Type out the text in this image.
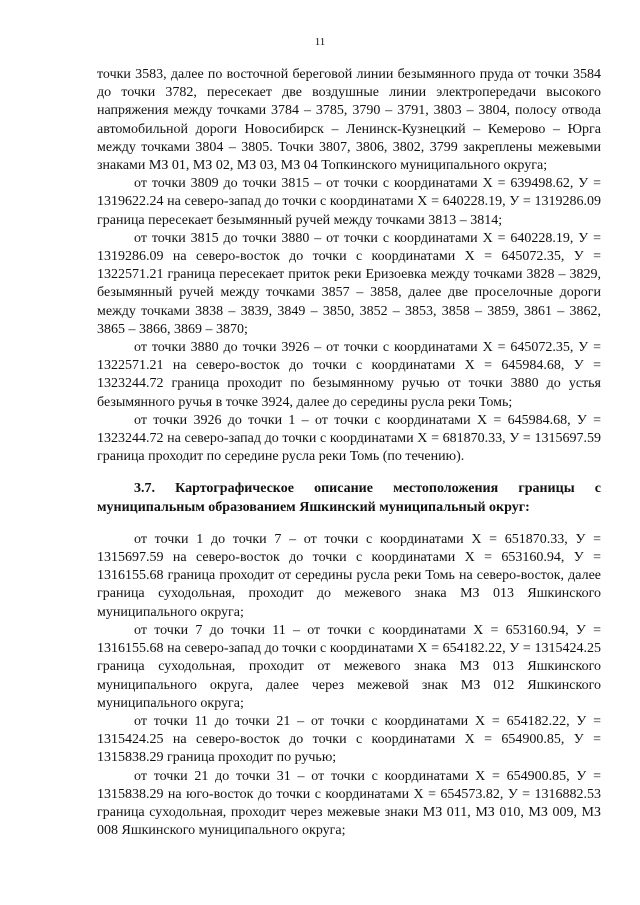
11

точки 3583, далее по восточной береговой линии безымянного пруда от точки 3584 до точки 3782, пересекает две воздушные линии электропередачи высокого напряжения между точками 3784 – 3785, 3790 – 3791, 3803 – 3804, полосу отвода автомобильной дороги Новосибирск – Ленинск-Кузнецкий – Кемерово – Юрга между точками 3804 – 3805. Точки 3807, 3806, 3802, 3799 закреплены межевыми знаками МЗ 01, МЗ 02, МЗ 03, МЗ 04 Топкинского муниципального округа;

от точки 3809 до точки 3815 – от точки с координатами Х = 639498.62, У = 1319622.24 на северо-запад до точки с координатами Х = 640228.19, У = 1319286.09 граница пересекает безымянный ручей между точками 3813 – 3814;

от точки 3815 до точки 3880 – от точки с координатами Х = 640228.19, У = 1319286.09 на северо-восток до точки с координатами Х = 645072.35, У = 1322571.21 граница пересекает приток реки Еризоевка между точками 3828 – 3829, безымянный ручей между точками 3857 – 3858, далее две проселочные дороги между точками 3838 – 3839, 3849 – 3850, 3852 – 3853, 3858 – 3859, 3861 – 3862, 3865 – 3866, 3869 – 3870;

от точки 3880 до точки 3926 – от точки с координатами Х = 645072.35, У = 1322571.21 на северо-восток до точки с координатами Х = 645984.68, У = 1323244.72 граница проходит по безымянному ручью от точки 3880 до устья безымянного ручья в точке 3924, далее до середины русла реки Томь;

от точки 3926 до точки 1 – от точки с координатами Х = 645984.68, У = 1323244.72 на северо-запад до точки с координатами Х = 681870.33, У = 1315697.59 граница проходит по середине русла реки Томь (по течению).

3.7. Картографическое описание местоположения границы с муниципальным образованием Яшкинский муниципальный округ:

от точки 1 до точки 7 – от точки с координатами Х = 651870.33, У = 1315697.59 на северо-восток до точки с координатами Х = 653160.94, У = 1316155.68 граница проходит от середины русла реки Томь на северо-восток, далее граница суходольная, проходит до межевого знака МЗ 013 Яшкинского муниципального округа;

от точки 7 до точки 11 – от точки с координатами Х = 653160.94, У = 1316155.68 на северо-запад до точки с координатами Х = 654182.22, У = 1315424.25 граница суходольная, проходит от межевого знака МЗ 013 Яшкинского муниципального округа, далее через межевой знак МЗ 012 Яшкинского муниципального округа;

от точки 11 до точки 21 – от точки с координатами Х = 654182.22, У = 1315424.25 на северо-восток до точки с координатами Х = 654900.85, У = 1315838.29 граница проходит по ручью;

от точки 21 до точки 31 – от точки с координатами Х = 654900.85, У = 1315838.29 на юго-восток до точки с координатами Х = 654573.82, У = 1316882.53 граница суходольная, проходит через межевые знаки МЗ 011, МЗ 010, МЗ 009, МЗ 008 Яшкинского муниципального округа;
